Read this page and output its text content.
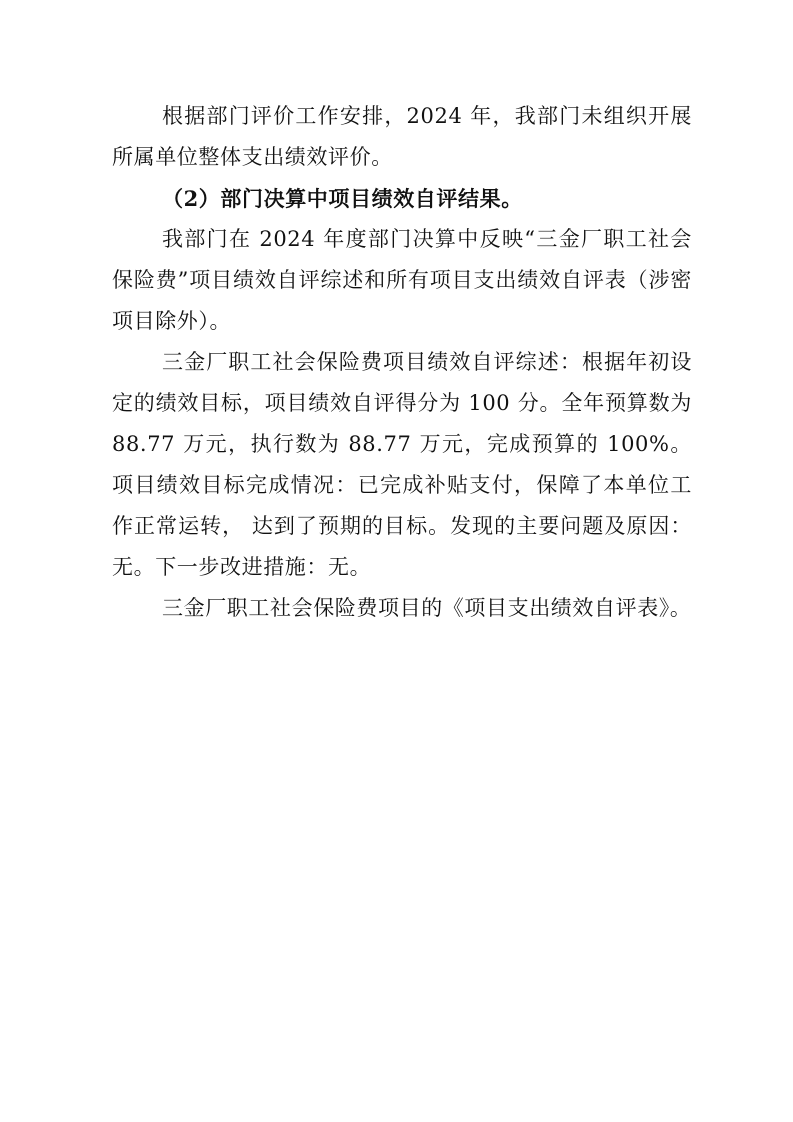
根据部门评价工作安排，2024 年，我部门未组织开展所属单位整体支出绩效评价。

（2）部门决算中项目绩效自评结果。

我部门在 2024 年度部门决算中反映“三金厂职工社会保险费”项目绩效自评综述和所有项目支出绩效自评表（涉密项目除外）。

三金厂职工社会保险费项目绩效自评综述：根据年初设定的绩效目标，项目绩效自评得分为 100 分。全年预算数为 88.77 万元，执行数为 88.77 万元，完成预算的 100%。项目绩效目标完成情况：已完成补贴支付，保障了本单位工作正常运转， 达到了预期的目标。发现的主要问题及原因：无。下一步改进措施：无。

三金厂职工社会保险费项目的《项目支出绩效自评表》。
